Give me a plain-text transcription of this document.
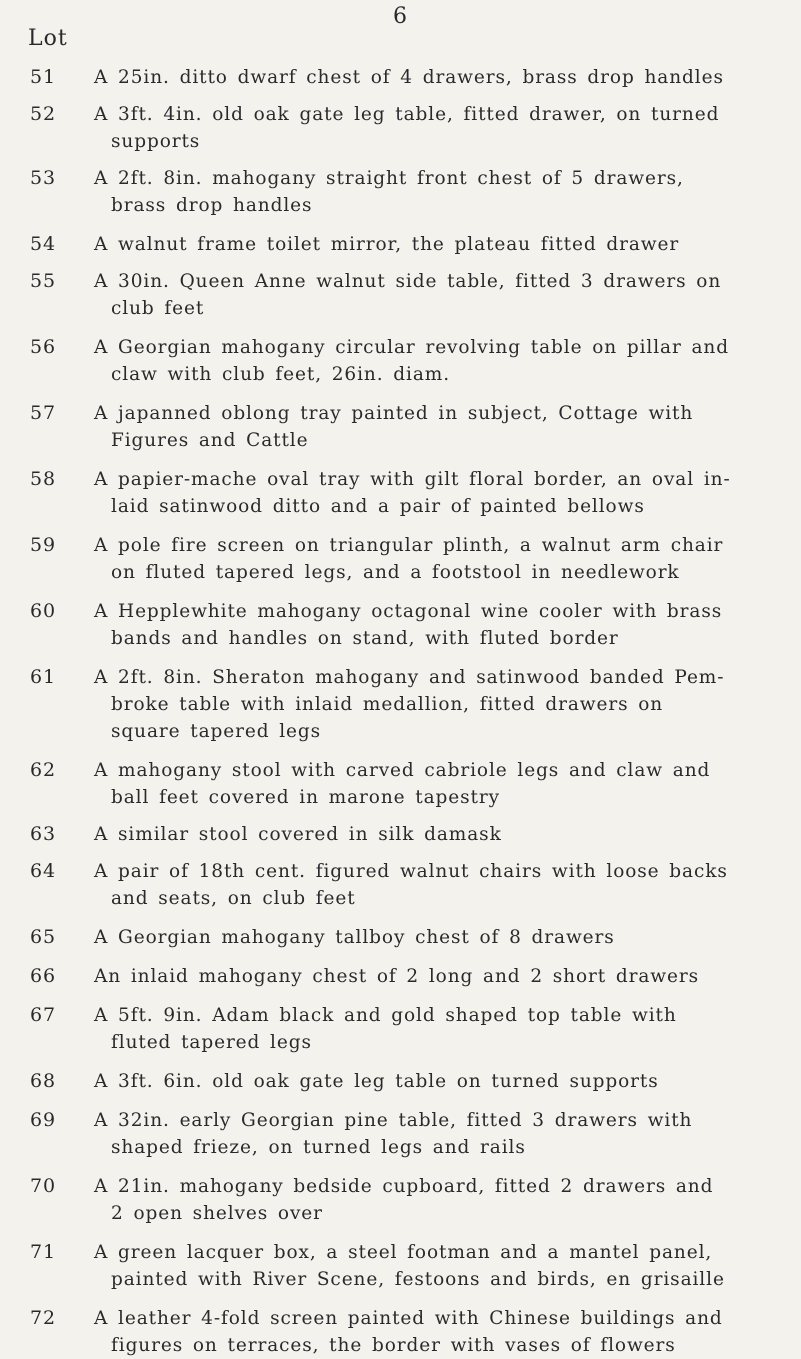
6
Lot
51	A 25in. ditto dwarf chest of 4 drawers, brass drop handles
52	A 3ft. 4in. old oak gate leg table, fitted drawer, on turned
supports
53	A 2ft. 8in. mahogany straight front chest of 5 drawers,
brass drop handles
54	A walnut frame toilet mirror, the plateau fitted drawer
55	A 30in. Queen Anne walnut side table, fitted 3 drawers on
club feet
56	A Georgian mahogany circular revolving table on pillar and
claw with club feet, 26in. diam.
57	A japanned oblong tray painted in subject, Cottage with
Figures and Cattle
58	A papier-mache oval tray with gilt floral border, an oval in-
laid satinwood ditto and a pair of painted bellows
59	A pole fire screen on triangular plinth, a walnut arm chair
on fluted tapered legs, and a footstool in needlework
60	A Hepplewhite mahogany octagonal wine cooler with brass
bands and handles on stand, with fluted border
61	A 2ft. 8in. Sheraton mahogany and satinwood banded Pem-
broke table with inlaid medallion, fitted drawers on
square tapered legs
62	A mahogany stool with carved cabriole legs and claw and
ball feet covered in marone tapestry
63	A similar stool covered in silk damask
64	A pair of 18th cent. figured walnut chairs with loose backs
and seats, on club feet
65	A Georgian mahogany tallboy chest of 8 drawers
66	An inlaid mahogany chest of 2 long and 2 short drawers
67	A 5ft. 9in. Adam black and gold shaped top table with
fluted tapered legs
68	A 3ft. 6in. old oak gate leg table on turned supports
69	A 32in. early Georgian pine table, fitted 3 drawers with
shaped frieze, on turned legs and rails
70	A 21in. mahogany bedside cupboard, fitted 2 drawers and
2 open shelves over
71	A green lacquer box, a steel footman and a mantel panel,
painted with River Scene, festoons and birds, en grisaille
72	A leather 4-fold screen painted with Chinese buildings and
figures on terraces, the border with vases of flowers
